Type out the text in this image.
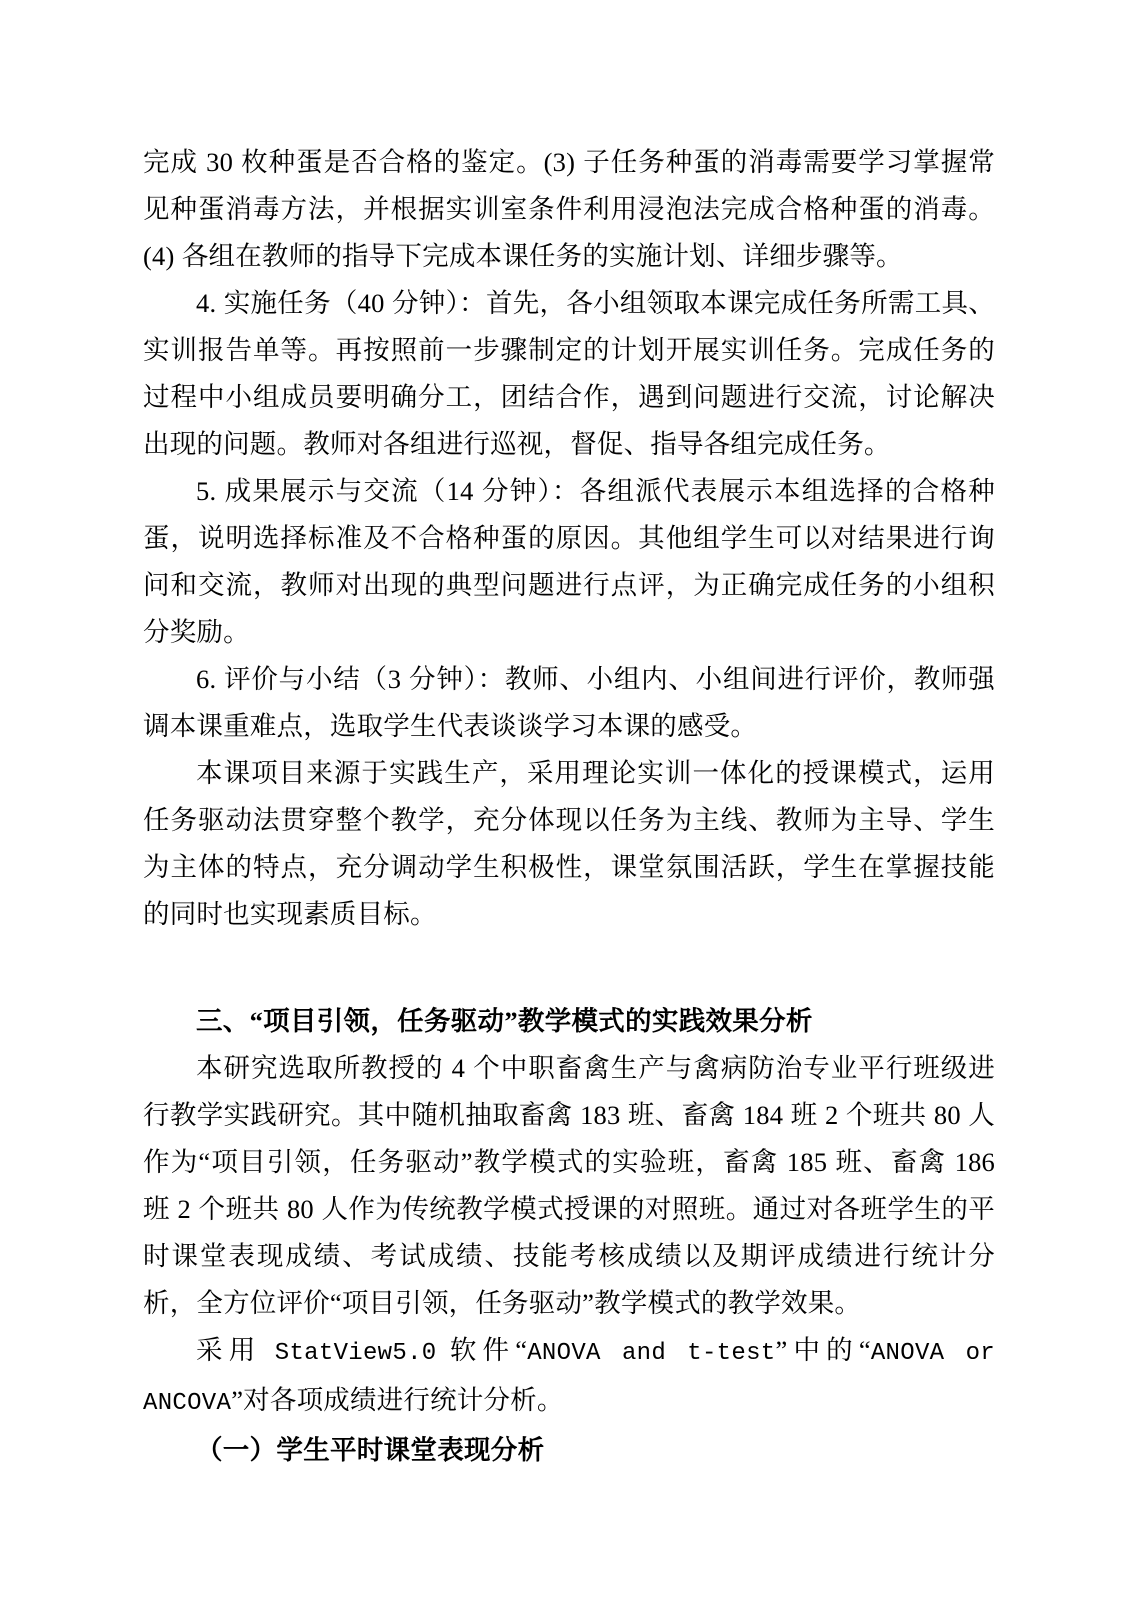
完成 30 枚种蛋是否合格的鉴定。(3) 子任务种蛋的消毒需要学习掌握常见种蛋消毒方法，并根据实训室条件利用浸泡法完成合格种蛋的消毒。(4) 各组在教师的指导下完成本课任务的实施计划、详细步骤等。

4. 实施任务（40 分钟）：首先，各小组领取本课完成任务所需工具、实训报告单等。再按照前一步骤制定的计划开展实训任务。完成任务的过程中小组成员要明确分工，团结合作，遇到问题进行交流，讨论解决出现的问题。教师对各组进行巡视，督促、指导各组完成任务。

5. 成果展示与交流（14 分钟）：各组派代表展示本组选择的合格种蛋，说明选择标准及不合格种蛋的原因。其他组学生可以对结果进行询问和交流，教师对出现的典型问题进行点评，为正确完成任务的小组积分奖励。

6. 评价与小结（3 分钟）：教师、小组内、小组间进行评价，教师强调本课重难点，选取学生代表谈谈学习本课的感受。

本课项目来源于实践生产，采用理论实训一体化的授课模式，运用任务驱动法贯穿整个教学，充分体现以任务为主线、教师为主导、学生为主体的特点，充分调动学生积极性，课堂氛围活跃，学生在掌握技能的同时也实现素质目标。

三、“项目引领，任务驱动”教学模式的实践效果分析

本研究选取所教授的 4 个中职畜禽生产与禽病防治专业平行班级进行教学实践研究。其中随机抽取畜禽 183 班、畜禽 184 班 2 个班共 80 人作为“项目引领，任务驱动”教学模式的实验班，畜禽 185 班、畜禽 186 班 2 个班共 80 人作为传统教学模式授课的对照班。通过对各班学生的平时课堂表现成绩、考试成绩、技能考核成绩以及期评成绩进行统计分析，全方位评价“项目引领，任务驱动”教学模式的教学效果。

采用 StatView5.0 软件“ANOVA and t-test”中的“ANOVA or ANCOVA”对各项成绩进行统计分析。

（一）学生平时课堂表现分析
